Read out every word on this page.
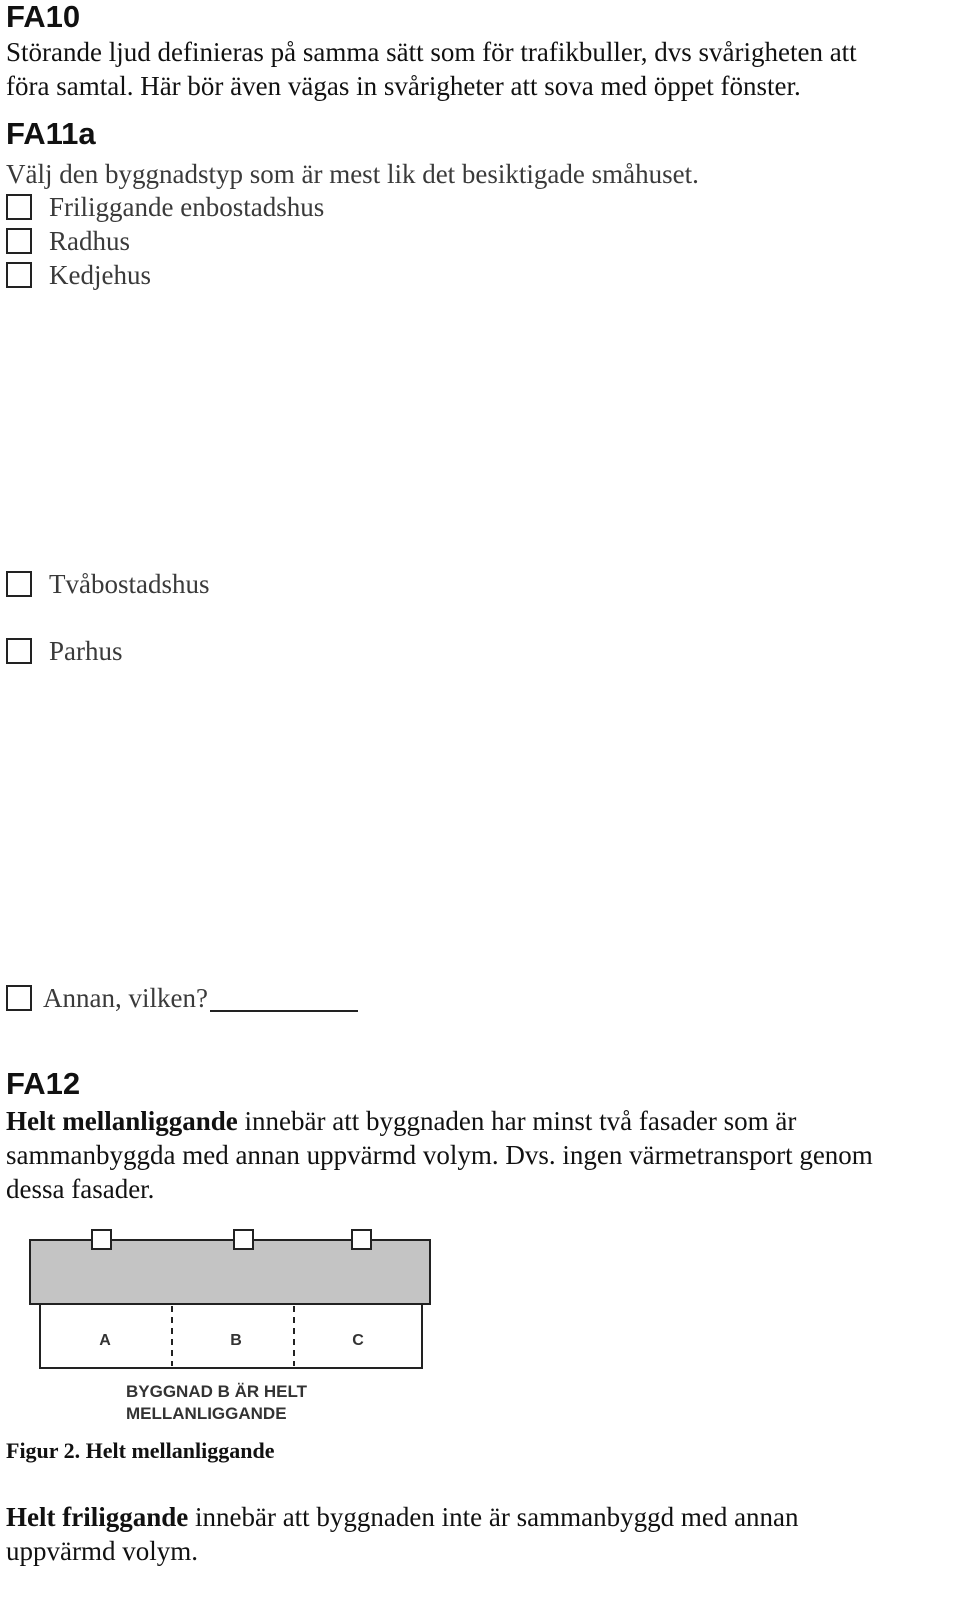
FA10

Störande ljud definieras på samma sätt som för trafikbuller, dvs svårigheten att

föra samtal. Här bör även vägas in svårigheter att sova med öppet fönster.

FA11a

Välj den byggnadstyp som är mest lik det besiktigade småhuset.

Friliggande enbostadshus
Radhus
Kedjehus
Tvåbostadshus
Parhus
Annan, vilken?
FA12

Helt mellanliggande innebär att byggnaden har minst två fasader som är

sammanbyggda med annan uppvärmd volym. Dvs. ingen värmetransport genom

dessa fasader.

A	B	C
BYGGNAD B ÄR HELT
MELLANLIGGANDE

Figur 2. Helt mellanliggande

Helt friliggande innebär att byggnaden inte är sammanbyggd med annan

uppvärmd volym.
